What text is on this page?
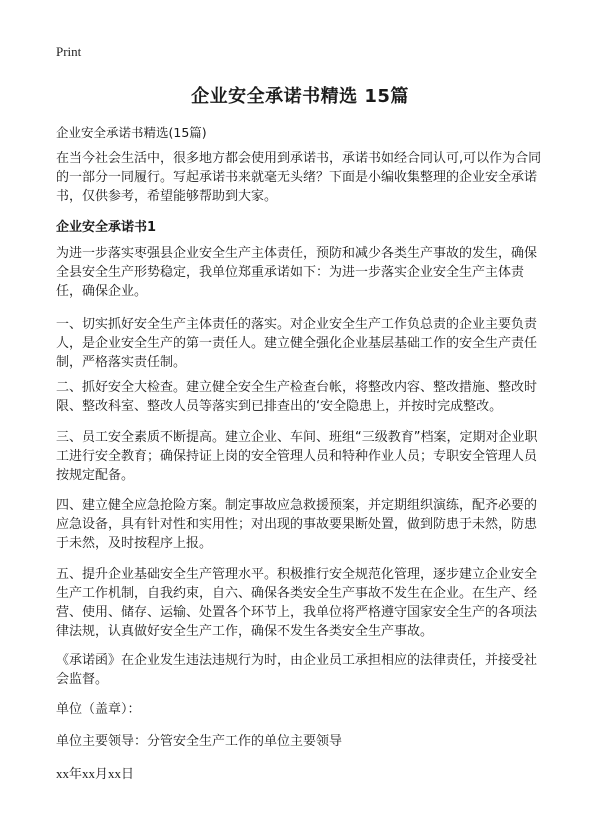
Print
企业安全承诺书精选 15篇
企业安全承诺书精选(15篇)

在当今社会生活中，很多地方都会使用到承诺书，承诺书如经合同认可,可以作为合同的一部分一同履行。写起承诺书来就毫无头绪？下面是小编收集整理的企业安全承诺书，仅供参考，希望能够帮助到大家。

企业安全承诺书1

为进一步落实枣强县企业安全生产主体责任，预防和减少各类生产事故的发生，确保全县安全生产形势稳定，我单位郑重承诺如下：为进一步落实企业安全生产主体责任，确保企业。

一、切实抓好安全生产主体责任的落实。对企业安全生产工作负总责的企业主要负责人，是企业安全生产的第一责任人。建立健全强化企业基层基础工作的安全生产责任制，严格落实责任制。

二、抓好安全大检查。建立健全安全生产检查台帐，将整改内容、整改措施、整改时限、整改科室、整改人员等落实到已排查出的‘安全隐患上，并按时完成整改。

三、员工安全素质不断提高。建立企业、车间、班组“三级教育”档案，定期对企业职工进行安全教育；确保持证上岗的安全管理人员和特种作业人员；专职安全管理人员按规定配备。

四、建立健全应急抢险方案。制定事故应急救援预案，并定期组织演练，配齐必要的应急设备，具有针对性和实用性；对出现的事故要果断处置，做到防患于未然，防患于未然，及时按程序上报。

五、提升企业基础安全生产管理水平。积极推行安全规范化管理，逐步建立企业安全生产工作机制，自我约束，自六、确保各类安全生产事故不发生在企业。在生产、经营、使用、储存、运输、处置各个环节上，我单位将严格遵守国家安全生产的各项法律法规，认真做好安全生产工作，确保不发生各类安全生产事故。

《承诺函》在企业发生违法违规行为时，由企业员工承担相应的法律责任，并接受社会监督。

单位（盖章）：

单位主要领导：分管安全生产工作的单位主要领导

xx年xx月xx日
